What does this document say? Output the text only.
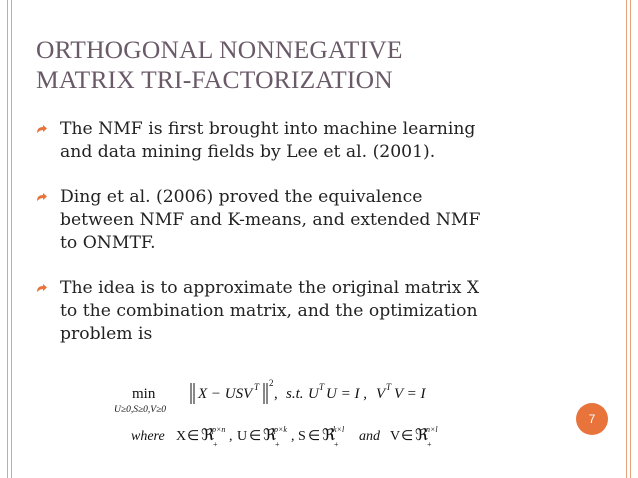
ORTHOGONAL NONNEGATIVE
MATRIX TRI-FACTORIZATION

The NMF is first brought into machine learning

and data mining fields by Lee et al. (2001).

Ding et al. (2006) proved the equivalence

between NMF and K-means, and extended NMF

to ONMTF.

The idea is to approximate the original matrix X

to the combination matrix, and the optimization

problem is

min
U≥0,S≥0,V≥0
X − USV T 2
, s.t. U T U = I , V T V = I
where X ∈ ℜ
p×n
+
, U ∈ ℜ
p×k
+
, S ∈ ℜ
k×l
+
and V ∈ ℜ
n×l
+
7
